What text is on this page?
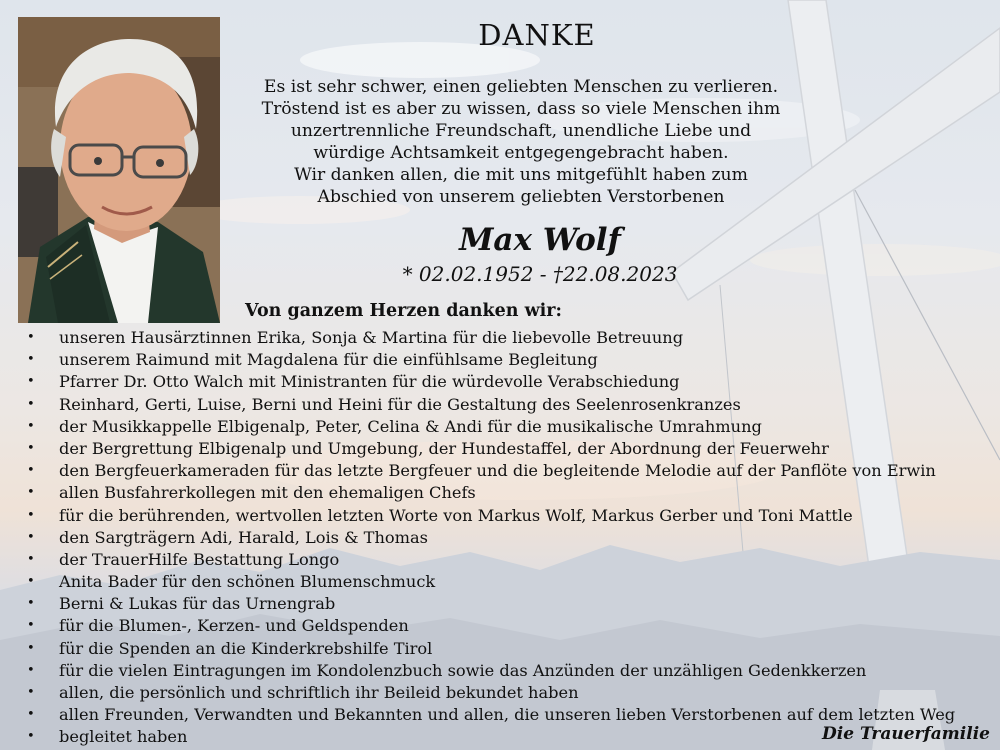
DANKE
Es ist sehr schwer, einen geliebten Menschen zu verlieren.
Tröstend ist es aber zu wissen, dass so viele Menschen ihm
unzertrennliche Freundschaft, unendliche Liebe und
würdige Achtsamkeit entgegengebracht haben.
Wir danken allen, die mit uns mitgefühlt haben zum
Abschied von unserem geliebten Verstorbenen
Max Wolf
* 02.02.1952 - †22.08.2023
Von ganzem Herzen danken wir:
• unseren Hausärztinnen Erika, Sonja & Martina für die liebevolle Betreuung
• unserem Raimund mit Magdalena für die einfühlsame Begleitung
• Pfarrer Dr. Otto Walch mit Ministranten für die würdevolle Verabschiedung
• Reinhard, Gerti, Luise, Berni und Heini für die Gestaltung des Seelenrosenkranzes
• der Musikkappelle Elbigenalp, Peter, Celina & Andi für die musikalische Umrahmung
• der Bergrettung Elbigenalp und Umgebung, der Hundestaffel, der Abordnung der Feuerwehr
• den Bergfeuerkameraden für das letzte Bergfeuer und die begleitende Melodie auf der Panflöte von Erwin
• allen Busfahrerkollegen mit den ehemaligen Chefs
• für die berührenden, wertvollen letzten Worte von Markus Wolf, Markus Gerber und Toni Mattle
• den Sargträgern Adi, Harald, Lois & Thomas
• der TrauerHilfe Bestattung Longo
• Anita Bader für den schönen Blumenschmuck
• Berni & Lukas für das Urnengrab
• für die Blumen-, Kerzen- und Geldspenden
• für die Spenden an die Kinderkrebshilfe Tirol
• für die vielen Eintragungen im Kondolenzbuch sowie das Anzünden der unzähligen Gedenkkerzen
• allen, die persönlich und schriftlich ihr Beileid bekundet haben
• allen Freunden, Verwandten und Bekannten und allen, die unseren lieben Verstorbenen auf dem letzten Weg
• begleitet haben	Die Trauerfamilie
